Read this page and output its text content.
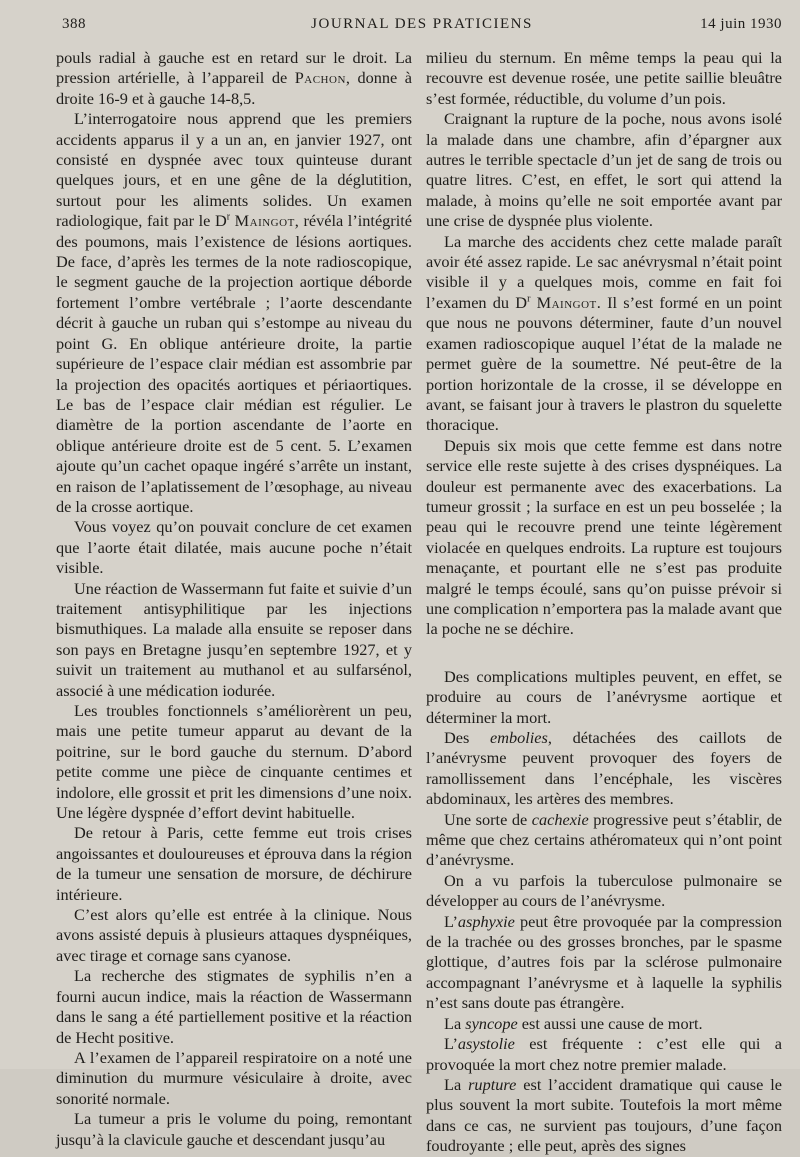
388	JOURNAL DES PRATICIENS	14 juin 1930

pouls radial à gauche est en retard sur le droit. La pression artérielle, à l’appareil de Pachon, donne à droite 16-9 et à gauche 14-8,5.

L’interrogatoire nous apprend que les premiers accidents apparus il y a un an, en janvier 1927, ont consisté en dyspnée avec toux quinteuse durant quelques jours, et en une gêne de la déglutition, surtout pour les aliments solides. Un examen radiologique, fait par le $D^r$ Maingot, révéla l’intégrité des poumons, mais l’existence de lésions aortiques. De face, d’après les termes de la note radioscopique, le segment gauche de la projection aortique déborde fortement l’ombre vertébrale ; l’aorte descendante décrit à gauche un ruban qui s’estompe au niveau du point G. En oblique antérieure droite, la partie supérieure de l’espace clair médian est assombrie par la projection des opacités aortiques et périaortiques. Le bas de l’espace clair médian est régulier. Le diamètre de la portion ascendante de l’aorte en oblique antérieure droite est de 5 cent. 5. L’examen ajoute qu’un cachet opaque ingéré s’arrête un instant, en raison de l’aplatissement de l’œsophage, au niveau de la crosse aortique.

Vous voyez qu’on pouvait conclure de cet examen que l’aorte était dilatée, mais aucune poche n’était visible.

Une réaction de Wassermann fut faite et suivie d’un traitement antisyphilitique par les injections bismuthiques. La malade alla ensuite se reposer dans son pays en Bretagne jusqu’en septembre 1927, et y suivit un traitement au muthanol et au sulfarsénol, associé à une médication iodurée.

Les troubles fonctionnels s’améliorèrent un peu, mais une petite tumeur apparut au devant de la poitrine, sur le bord gauche du sternum. D’abord petite comme une pièce de cinquante centimes et indolore, elle grossit et prit les dimensions d’une noix. Une légère dyspnée d’effort devint habituelle.

De retour à Paris, cette femme eut trois crises angoissantes et douloureuses et éprouva dans la région de la tumeur une sensation de morsure, de déchirure intérieure.

C’est alors qu’elle est entrée à la clinique. Nous avons assisté depuis à plusieurs attaques dyspnéiques, avec tirage et cornage sans cyanose.

La recherche des stigmates de syphilis n’en a fourni aucun indice, mais la réaction de Wassermann dans le sang a été partiellement positive et la réaction de Hecht positive.

A l’examen de l’appareil respiratoire on a noté une diminution du murmure vésiculaire à droite, avec sonorité normale.

La tumeur a pris le volume du poing, remontant jusqu’à la clavicule gauche et descendant jusqu’au

milieu du sternum. En même temps la peau qui la recouvre est devenue rosée, une petite saillie bleuâtre s’est formée, réductible, du volume d’un pois.

Craignant la rupture de la poche, nous avons isolé la malade dans une chambre, afin d’épargner aux autres le terrible spectacle d’un jet de sang de trois ou quatre litres. C’est, en effet, le sort qui attend la malade, à moins qu’elle ne soit emportée avant par une crise de dyspnée plus violente.

La marche des accidents chez cette malade paraît avoir été assez rapide. Le sac anévrysmal n’était point visible il y a quelques mois, comme en fait foi l’examen du $D^r$ Maingot. Il s’est formé en un point que nous ne pouvons déterminer, faute d’un nouvel examen radioscopique auquel l’état de la malade ne permet guère de la soumettre. Né peut-être de la portion horizontale de la crosse, il se développe en avant, se faisant jour à travers le plastron du squelette thoracique.

Depuis six mois que cette femme est dans notre service elle reste sujette à des crises dyspnéiques. La douleur est permanente avec des exacerbations. La tumeur grossit ; la surface en est un peu bosselée ; la peau qui le recouvre prend une teinte légèrement violacée en quelques endroits. La rupture est toujours menaçante, et pourtant elle ne s’est pas produite malgré le temps écoulé, sans qu’on puisse prévoir si une complication n’emportera pas la malade avant que la poche ne se déchire.

Des complications multiples peuvent, en effet, se produire au cours de l’anévrysme aortique et déterminer la mort.

Des embolies, détachées des caillots de l’anévrysme peuvent provoquer des foyers de ramollissement dans l’encéphale, les viscères abdominaux, les artères des membres.

Une sorte de cachexie progressive peut s’établir, de même que chez certains athéromateux qui n’ont point d’anévrysme.

On a vu parfois la tuberculose pulmonaire se développer au cours de l’anévrysme.

L’asphyxie peut être provoquée par la compression de la trachée ou des grosses bronches, par le spasme glottique, d’autres fois par la sclérose pulmonaire accompagnant l’anévrysme et à laquelle la syphilis n’est sans doute pas étrangère.

La syncope est aussi une cause de mort.

L’asystolie est fréquente : c’est elle qui a provoquée la mort chez notre premier malade.

La rupture est l’accident dramatique qui cause le plus souvent la mort subite. Toutefois la mort même dans ce cas, ne survient pas toujours, d’une façon foudroyante ; elle peut, après des signes
